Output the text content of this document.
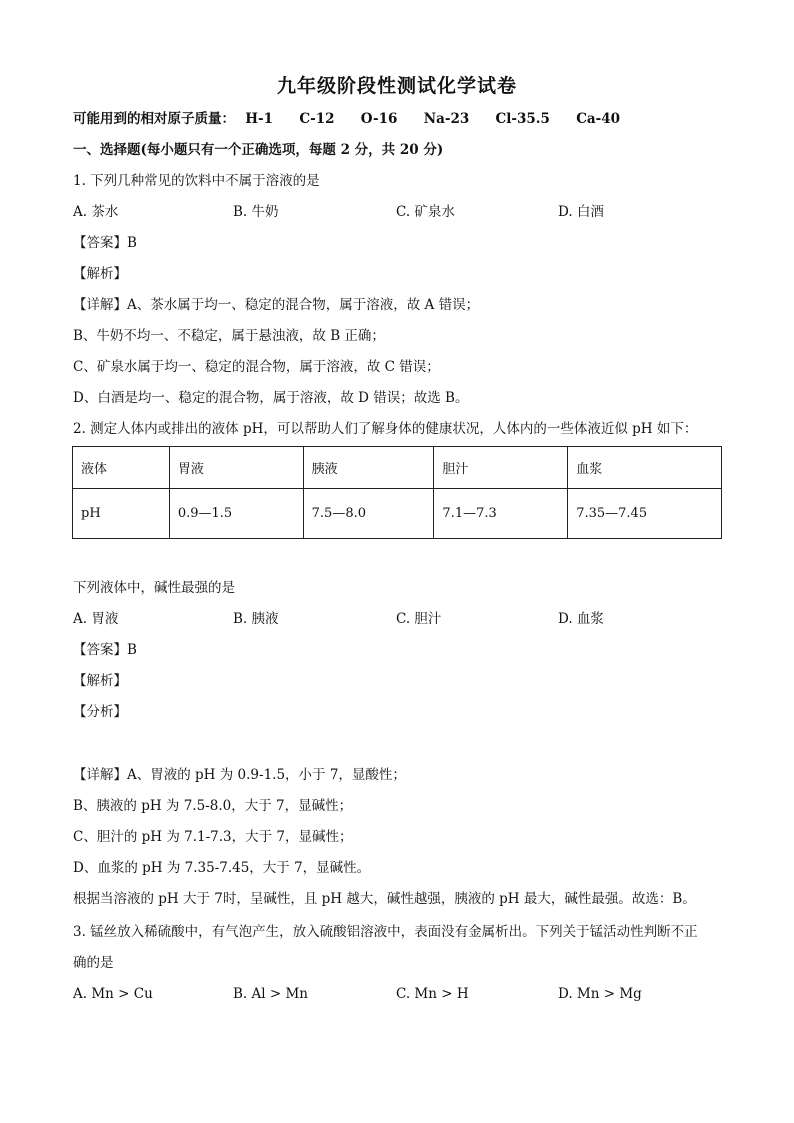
九年级阶段性测试化学试卷
可能用到的相对原子质量： H-1 C-12 O-16 Na-23 Cl-35.5 Ca-40
一、选择题(每小题只有一个正确选项，每题 2 分，共 20 分)
1. 下列几种常见的饮料中不属于溶液的是
A. 茶水	B. 牛奶	C. 矿泉水	D. 白酒
【答案】B
【解析】
【详解】A、茶水属于均一、稳定的混合物，属于溶液，故 A 错误；
B、牛奶不均一、不稳定，属于悬浊液，故 B 正确；
C、矿泉水属于均一、稳定的混合物，属于溶液，故 C 错误；
D、白酒是均一、稳定的混合物，属于溶液，故 D 错误；故选 B。
2. 测定人体内或排出的液体 pH，可以帮助人们了解身体的健康状况，人体内的一些体液近似 pH 如下：
液体	胃液	胰液	胆汁	血浆
pH	0.9—1.5	7.5—8.0	7.1—7.3	7.35—7.45
下列液体中，碱性最强的是
A. 胃液	B. 胰液	C. 胆汁	D. 血浆
【答案】B
【解析】
【分析】
【详解】A、胃液的 pH 为 0.9-1.5，小于 7，显酸性；
B、胰液的 pH 为 7.5-8.0，大于 7，显碱性；
C、胆汁的 pH 为 7.1-7.3，大于 7，显碱性；
D、血浆的 pH 为 7.35-7.45，大于 7，显碱性。
根据当溶液的 pH 大于 7时，呈碱性，且 pH 越大，碱性越强，胰液的 pH 最大，碱性最强。故选：B。
3. 锰丝放入稀硫酸中，有气泡产生，放入硫酸铝溶液中，表面没有金属析出。下列关于锰活动性判断不正
确的是
A. Mn > Cu	B. Al > Mn	C. Mn > H	D. Mn > Mg
